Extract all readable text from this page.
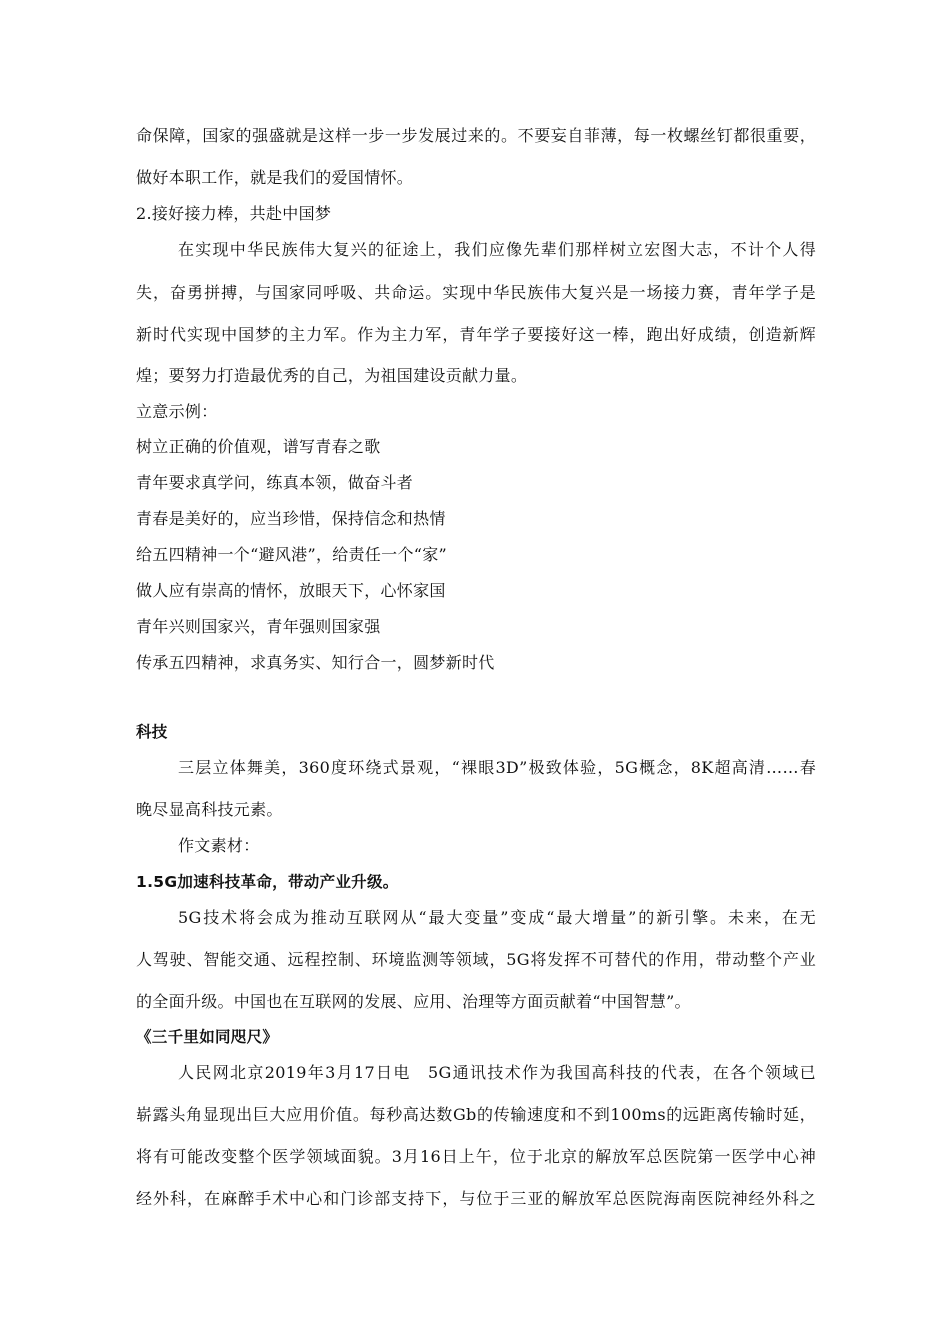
命保障，国家的强盛就是这样一步一步发展过来的。不要妄自菲薄，每一枚螺丝钉都很重要，
做好本职工作，就是我们的爱国情怀。
2.接好接力棒，共赴中国梦
在实现中华民族伟大复兴的征途上，我们应像先辈们那样树立宏图大志，不计个人得
失，奋勇拼搏，与国家同呼吸、共命运。实现中华民族伟大复兴是一场接力赛，青年学子是
新时代实现中国梦的主力军。作为主力军，青年学子要接好这一棒，跑出好成绩，创造新辉
煌；要努力打造最优秀的自己，为祖国建设贡献力量。
立意示例：
树立正确的价值观，谱写青春之歌
青年要求真学问，练真本领，做奋斗者
青春是美好的，应当珍惜，保持信念和热情
给五四精神一个“避风港”，给责任一个“家”
做人应有崇高的情怀，放眼天下，心怀家国
青年兴则国家兴，青年强则国家强
传承五四精神，求真务实、知行合一，圆梦新时代
科技
三层立体舞美，360度环绕式景观，“裸眼3D”极致体验，5G概念，8K超高清……春
晚尽显高科技元素。
作文素材：
1.5G加速科技革命，带动产业升级。
5G技术将会成为推动互联网从“最大变量”变成“最大增量”的新引擎。未来，在无
人驾驶、智能交通、远程控制、环境监测等领域，5G将发挥不可替代的作用，带动整个产业
的全面升级。中国也在互联网的发展、应用、治理等方面贡献着“中国智慧”。
《三千里如同咫尺》
人民网北京2019年3月17日电　5G通讯技术作为我国高科技的代表，在各个领域已
崭露头角显现出巨大应用价值。每秒高达数Gb的传输速度和不到100ms的远距离传输时延，
将有可能改变整个医学领域面貌。3月16日上午，位于北京的解放军总医院第一医学中心神
经外科，在麻醉手术中心和门诊部支持下，与位于三亚的解放军总医院海南医院神经外科之
